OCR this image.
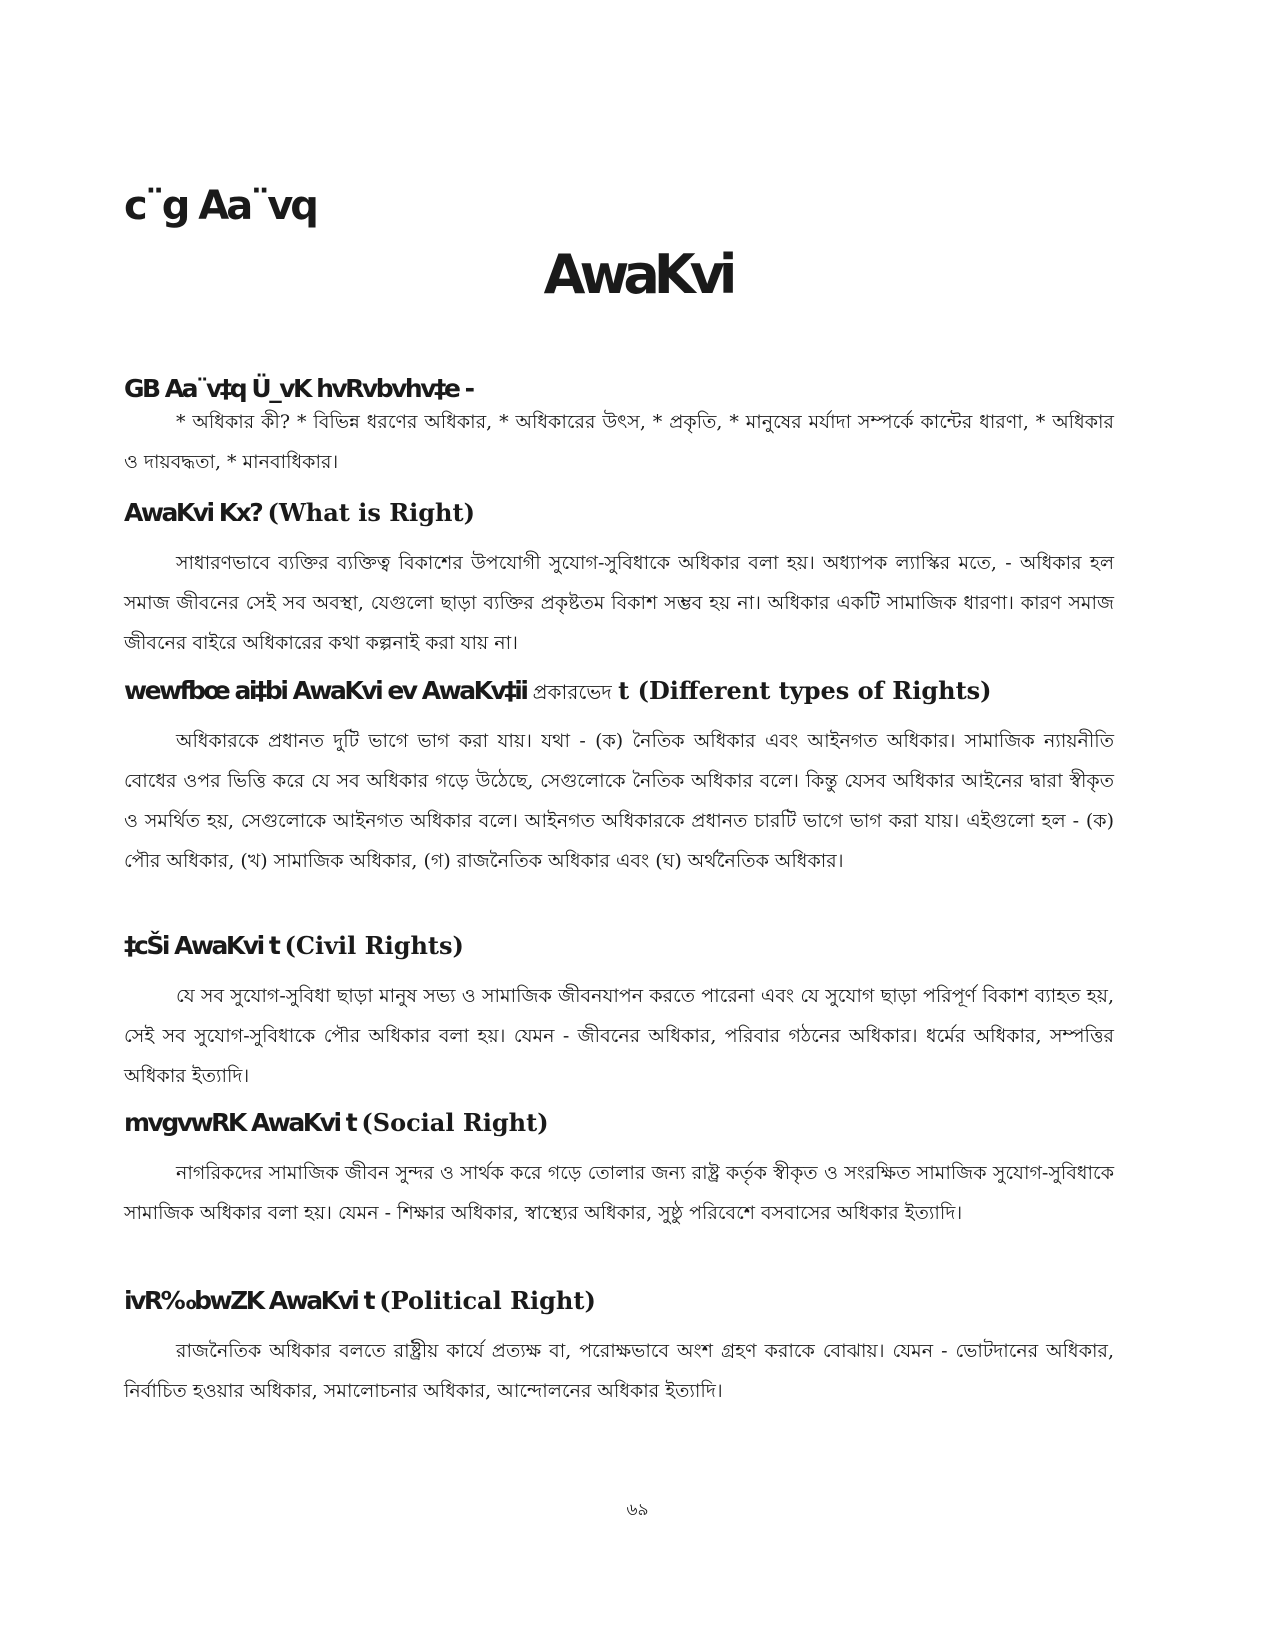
c¨g Aa¨vq
AwaKvi
GB Aa¨v‡q Ü_vK hvRvbvhv‡e -

* অধিকার কী? * বিভিন্ন ধরণের অধিকার, * অধিকারের উৎস, * প্রকৃতি, * মানুষের মর্যাদা সম্পর্কে কান্টের ধারণা, * অধিকার ও দায়বদ্ধতা, * মানবাধিকার।

AwaKvi Kx? (What is Right)

সাধারণভাবে ব্যক্তির ব্যক্তিত্ব বিকাশের উপযোগী সুযোগ-সুবিধাকে অধিকার বলা হয়। অধ্যাপক ল্যাস্কির মতে, - অধিকার হল সমাজ জীবনের সেই সব অবস্থা, যেগুলো ছাড়া ব্যক্তির প্রকৃষ্টতম বিকাশ সম্ভব হয় না। অধিকার একটি সামাজিক ধারণা। কারণ সমাজ জীবনের বাইরে অধিকারের কথা কল্পনাই করা যায় না।

wewfbœ ai‡bi AwaKvi ev AwaKv‡ii প্রকারভেদ t (Different types of Rights)

অধিকারকে প্রধানত দুটি ভাগে ভাগ করা যায়। যথা - (ক) নৈতিক অধিকার এবং আইনগত অধিকার। সামাজিক ন্যায়নীতি বোধের ওপর ভিত্তি করে যে সব অধিকার গড়ে উঠেছে, সেগুলোকে নৈতিক অধিকার বলে। কিন্তু যেসব অধিকার আইনের দ্বারা স্বীকৃত ও সমর্থিত হয়, সেগুলোকে আইনগত অধিকার বলে। আইনগত অধিকারকে প্রধানত চারটি ভাগে ভাগ করা যায়। এইগুলো হল - (ক) পৌর অধিকার, (খ) সামাজিক অধিকার, (গ) রাজনৈতিক অধিকার এবং (ঘ) অর্থনৈতিক অধিকার।

‡cŠi AwaKvi t (Civil Rights)

যে সব সুযোগ-সুবিধা ছাড়া মানুষ সভ্য ও সামাজিক জীবনযাপন করতে পারেনা এবং যে সুযোগ ছাড়া পরিপূর্ণ বিকাশ ব্যাহত হয়, সেই সব সুযোগ-সুবিধাকে পৌর অধিকার বলা হয়। যেমন - জীবনের অধিকার, পরিবার গঠনের অধিকার। ধর্মের অধিকার, সম্পত্তির অধিকার ইত্যাদি।

mvgvwRK AwaKvi t (Social Right)

নাগরিকদের সামাজিক জীবন সুন্দর ও সার্থক করে গড়ে তোলার জন্য রাষ্ট্র কর্তৃক স্বীকৃত ও সংরক্ষিত সামাজিক সুযোগ-সুবিধাকে সামাজিক অধিকার বলা হয়। যেমন - শিক্ষার অধিকার, স্বাস্থ্যের অধিকার, সুষ্ঠু পরিবেশে বসবাসের অধিকার ইত্যাদি।

ivR‰bwZK AwaKvi t (Political Right)

রাজনৈতিক অধিকার বলতে রাষ্ট্রীয় কার্যে প্রত্যক্ষ বা, পরোক্ষভাবে অংশ গ্রহণ করাকে বোঝায়। যেমন - ভোটদানের অধিকার, নির্বাচিত হওয়ার অধিকার, সমালোচনার অধিকার, আন্দোলনের অধিকার ইত্যাদি।

৬৯
